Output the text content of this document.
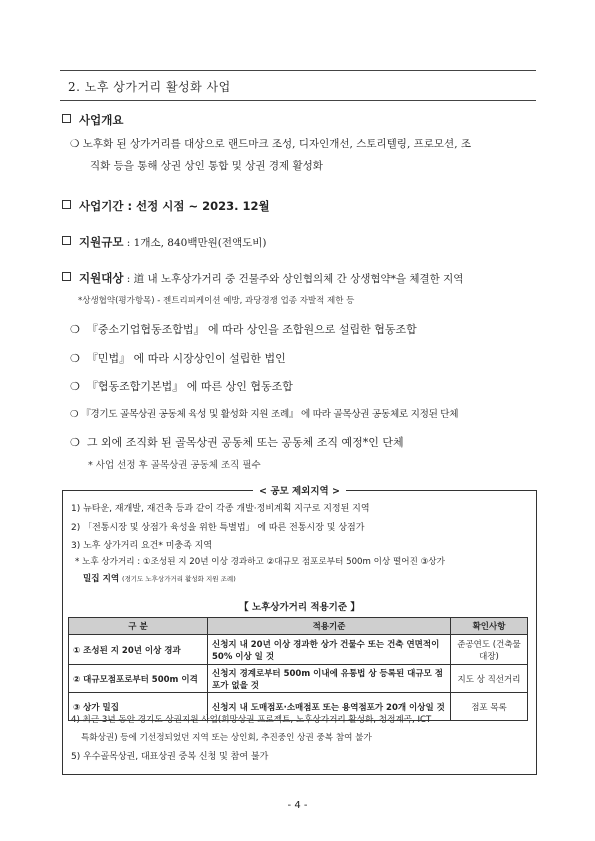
2. 노후 상가거리 활성화 사업
사업개요
❍ 노후화 된 상가거리를 대상으로 랜드마크 조성, 디자인개선, 스토리텔링, 프로모션, 조
직화 등을 통해 상권 상인 통합 및 상권 경제 활성화
사업기간 : 선정 시점 ~ 2023. 12월
지원규모 : 1개소, 840백만원(전액도비)
지원대상 : 道 내 노후상가거리 중 건물주와 상인협의체 간 상생협약*을 체결한 지역
*상생협약(평가항목) - 젠트리피케이션 예방, 과당경쟁 업종 자발적 제한 등
❍ 『중소기업협동조합법』 에 따라 상인을 조합원으로 설립한 협동조합
❍ 『민법』 에 따라 시장상인이 설립한 법인
❍ 『협동조합기본법』 에 따른 상인 협동조합
❍ 『경기도 골목상권 공동체 육성 및 활성화 지원 조례』 에 따라 골목상권 공동체로 지정된 단체
❍ 그 외에 조직화 된 골목상권 공동체 또는 공동체 조직 예정*인 단체
* 사업 선정 후 골목상권 공동체 조직 필수
< 공모 제외지역 >
1) 뉴타운, 재개발, 재건축 등과 같이 각종 개발·정비계획 지구로 지정된 지역
2) 「전통시장 및 상점가 육성을 위한 특별법」 에 따른 전통시장 및 상점가
3) 노후 상가거리 요건* 미충족 지역
* 노후 상가거리 : ①조성된 지 20년 이상 경과하고 ②대규모 점포로부터 500m 이상 떨어진 ③상가
밀집 지역 (경기도 노후상가거리 활성화 지원 조례)
【 노후상가거리 적용기준 】
4) 최근 3년 동안 경기도 상권지원 사업(희망상권 프로젝트, 노후상가거리 활성화, 청정계곡, ICT
특화상권) 등에 기선정되었던 지역 또는 상인회, 추진중인 상권 중복 참여 불가
5) 우수골목상권, 대표상권 중복 신청 및 참여 불가
구 분	적용기준	확인사항
① 조성된 지 20년 이상 경과	신청지 내 20년 이상 경과한 상가 건물수 또는 건축 연면적이 50% 이상 일 것	준공연도 (건축물대장)
② 대규모점포로부터 500m 이격	신청지 경계로부터 500m 이내에 유통법 상 등록된 대규모 점포가 없을 것	지도 상 직선거리
③ 상가 밀집	신청지 내 도매점포·소매점포 또는 용역점포가 20개 이상일 것	점포 목록
- 4 -
